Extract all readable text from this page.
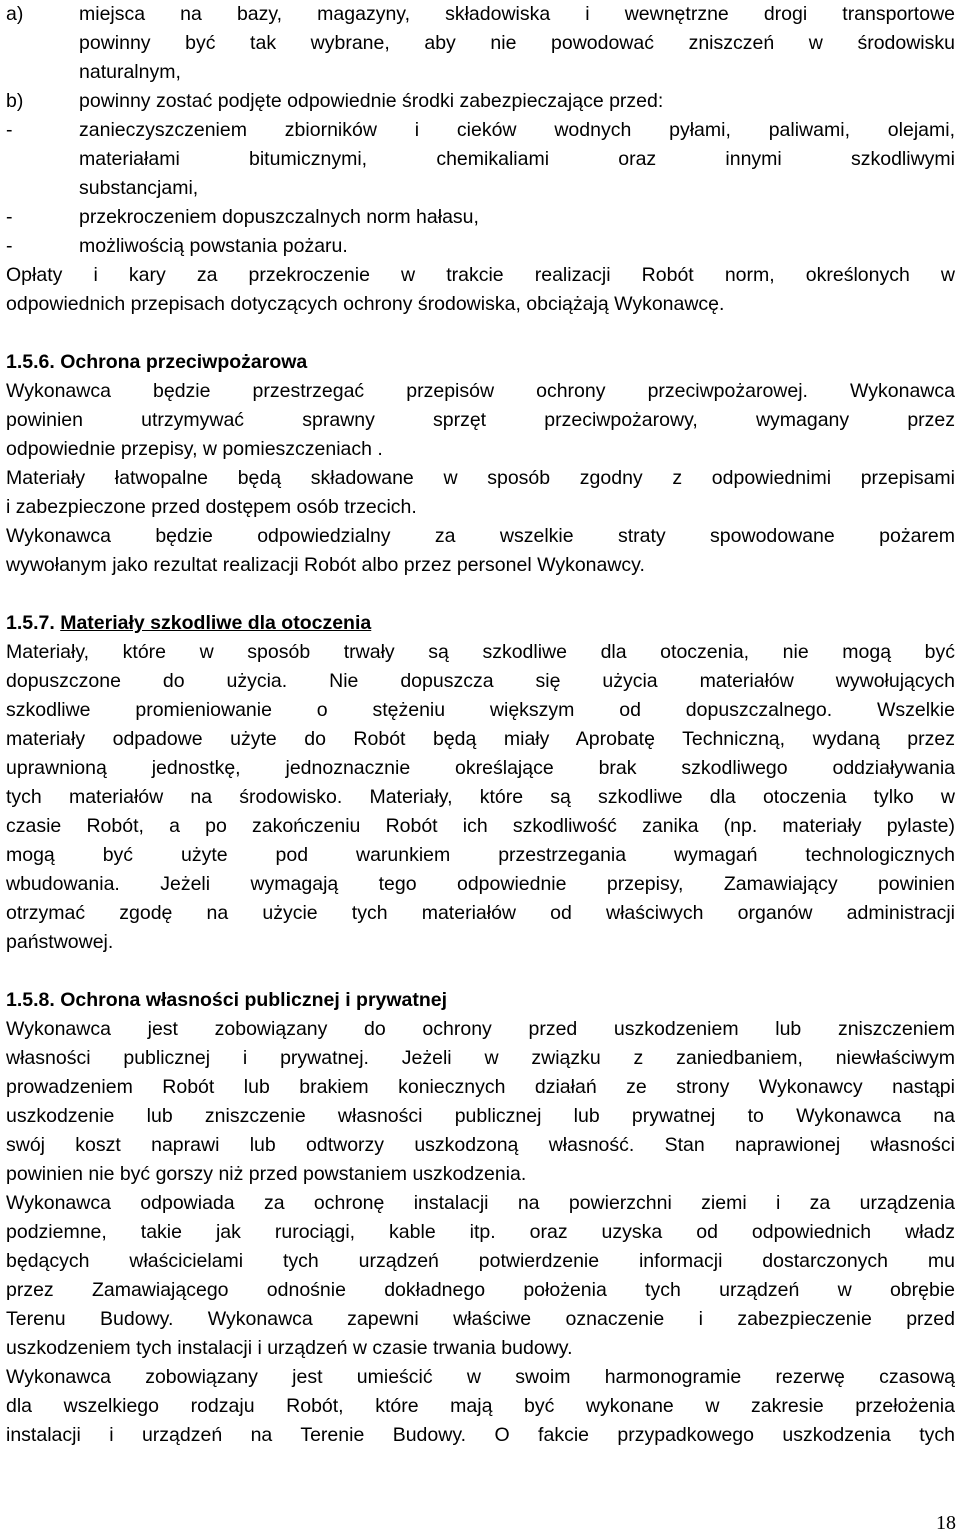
a)	miejsca na bazy, magazyny, składowiska i wewnętrzne drogi transportowe
powinny być tak wybrane, aby nie powodować zniszczeń w środowisku
naturalnym,
b)	powinny zostać podjęte odpowiednie środki zabezpieczające przed:
-	zanieczyszczeniem zbiorników i cieków wodnych pyłami, paliwami, olejami,
materiałami bitumicznymi, chemikaliami oraz innymi szkodliwymi
substancjami,
-	przekroczeniem dopuszczalnych norm hałasu,
-	możliwością powstania pożaru.
Opłaty i kary za przekroczenie w trakcie realizacji Robót norm, określonych w
odpowiednich przepisach dotyczących ochrony środowiska, obciążają Wykonawcę.
1.5.6. Ochrona przeciwpożarowa
Wykonawca będzie przestrzegać przepisów ochrony przeciwpożarowej. Wykonawca
powinien utrzymywać sprawny sprzęt przeciwpożarowy, wymagany przez
odpowiednie przepisy, w pomieszczeniach .
Materiały łatwopalne będą składowane w sposób zgodny z odpowiednimi przepisami
i zabezpieczone przed dostępem osób trzecich.
Wykonawca będzie odpowiedzialny za wszelkie straty spowodowane pożarem
wywołanym jako rezultat realizacji Robót albo przez personel Wykonawcy.
1.5.7. Materiały szkodliwe dla otoczenia
Materiały, które w sposób trwały są szkodliwe dla otoczenia, nie mogą być
dopuszczone do użycia. Nie dopuszcza się użycia materiałów wywołujących
szkodliwe promieniowanie o stężeniu większym od dopuszczalnego. Wszelkie
materiały odpadowe użyte do Robót będą miały Aprobatę Techniczną, wydaną przez
uprawnioną jednostkę, jednoznacznie określające brak szkodliwego oddziaływania
tych materiałów na środowisko. Materiały, które są szkodliwe dla otoczenia tylko w
czasie Robót, a po zakończeniu Robót ich szkodliwość zanika (np. materiały pylaste)
mogą być użyte pod warunkiem przestrzegania wymagań technologicznych
wbudowania. Jeżeli wymagają tego odpowiednie przepisy, Zamawiający powinien
otrzymać zgodę na użycie tych materiałów od właściwych organów administracji
państwowej.
1.5.8. Ochrona własności publicznej i prywatnej
Wykonawca jest zobowiązany do ochrony przed uszkodzeniem lub zniszczeniem
własności publicznej i prywatnej. Jeżeli w związku z zaniedbaniem, niewłaściwym
prowadzeniem Robót lub brakiem koniecznych działań ze strony Wykonawcy nastąpi
uszkodzenie lub zniszczenie własności publicznej lub prywatnej to Wykonawca na
swój koszt naprawi lub odtworzy uszkodzoną własność. Stan naprawionej własności
powinien nie być gorszy niż przed powstaniem uszkodzenia.
Wykonawca odpowiada za ochronę instalacji na powierzchni ziemi i za urządzenia
podziemne, takie jak rurociągi, kable itp. oraz uzyska od odpowiednich władz
będących właścicielami tych urządzeń potwierdzenie informacji dostarczonych mu
przez Zamawiającego odnośnie dokładnego położenia tych urządzeń w obrębie
Terenu Budowy. Wykonawca zapewni właściwe oznaczenie i zabezpieczenie przed
uszkodzeniem tych instalacji i urządzeń w czasie trwania budowy.
Wykonawca zobowiązany jest umieścić w swoim harmonogramie rezerwę czasową
dla wszelkiego rodzaju Robót, które mają być wykonane w zakresie przełożenia
instalacji i urządzeń na Terenie Budowy. O fakcie przypadkowego uszkodzenia tych
18
